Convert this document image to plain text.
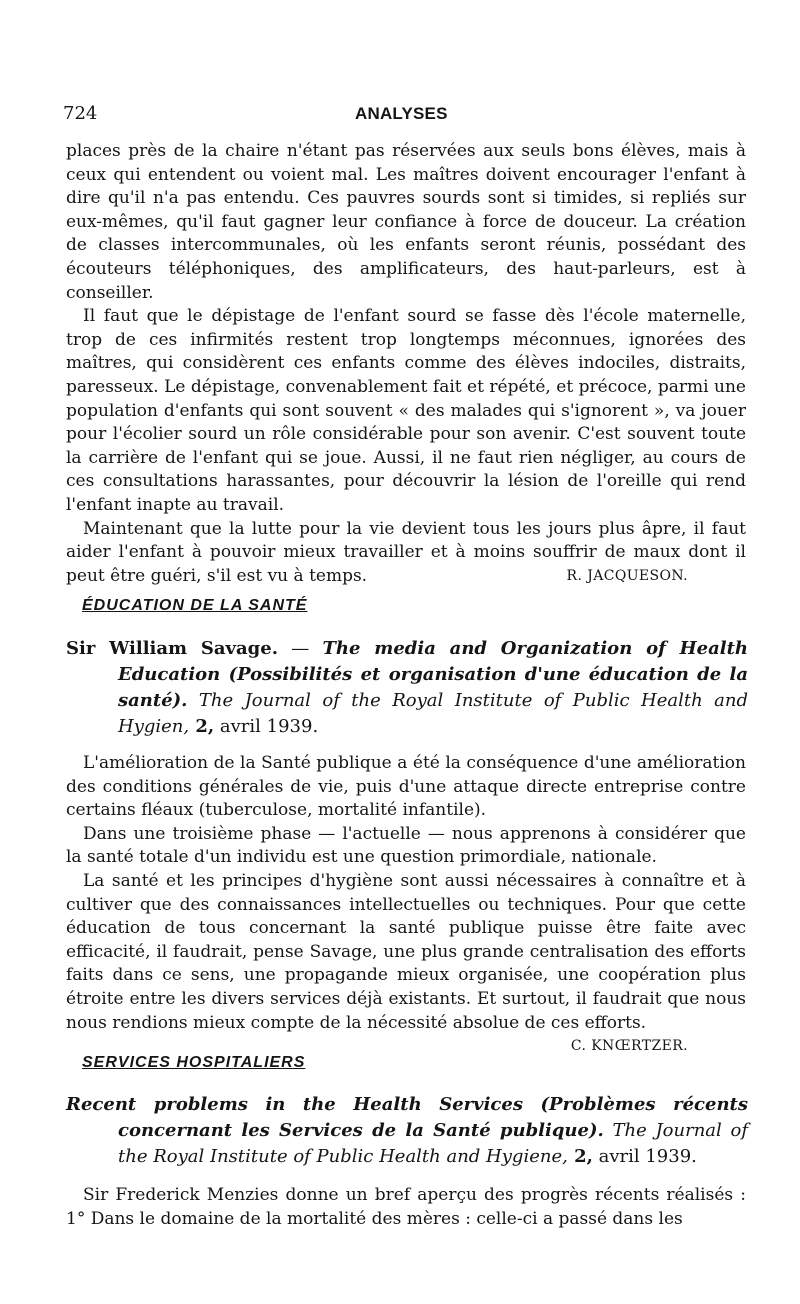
724	ANALYSES

places près de la chaire n'étant pas réservées aux seuls bons élèves, mais à ceux qui entendent ou voient mal. Les maîtres doivent encourager l'enfant à dire qu'il n'a pas entendu. Ces pauvres sourds sont si timides, si repliés sur eux-mêmes, qu'il faut gagner leur confiance à force de douceur. La création de classes intercommunales, où les enfants seront réunis, possédant des écouteurs téléphoniques, des amplificateurs, des haut-parleurs, est à conseiller.

Il faut que le dépistage de l'enfant sourd se fasse dès l'école maternelle, trop de ces infirmités restent trop longtemps méconnues, ignorées des maîtres, qui considèrent ces enfants comme des élèves indociles, distraits, paresseux. Le dépistage, convenablement fait et répété, et précoce, parmi une population d'enfants qui sont souvent « des malades qui s'ignorent », va jouer pour l'écolier sourd un rôle considérable pour son avenir. C'est souvent toute la carrière de l'enfant qui se joue. Aussi, il ne faut rien négliger, au cours de ces consultations harassantes, pour découvrir la lésion de l'oreille qui rend l'enfant inapte au travail.

Maintenant que la lutte pour la vie devient tous les jours plus âpre, il faut aider l'enfant à pouvoir mieux travailler et à moins souffrir de maux dont il peut être guéri, s'il est vu à temps.	R. JACQUESON.

ÉDUCATION DE LA SANTÉ
Sir William Savage. — The media and Organization of Health Education (Possibilités et organisation d'une éducation de la santé). The Journal of the Royal Institute of Public Health and Hygien, 2, avril 1939.

L'amélioration de la Santé publique a été la conséquence d'une amélioration des conditions générales de vie, puis d'une attaque directe entreprise contre certains fléaux (tuberculose, mortalité infantile).

Dans une troisième phase — l'actuelle — nous apprenons à considérer que la santé totale d'un individu est une question primordiale, nationale.

La santé et les principes d'hygiène sont aussi nécessaires à connaître et à cultiver que des connaissances intellectuelles ou techniques. Pour que cette éducation de tous concernant la santé publique puisse être faite avec efficacité, il faudrait, pense Savage, une plus grande centralisation des efforts faits dans ce sens, une propagande mieux organisée, une coopération plus étroite entre les divers services déjà existants. Et surtout, il faudrait que nous nous rendions mieux compte de la nécessité absolue de ces efforts.

C. KNŒRTZER.
SERVICES HOSPITALIERS
Recent problems in the Health Services (Problèmes récents concernant les Services de la Santé publique). The Journal of the Royal Institute of Public Health and Hygiene, 2, avril 1939.

Sir Frederick Menzies donne un bref aperçu des progrès récents réalisés : 1° Dans le domaine de la mortalité des mères : celle-ci a passé dans les
